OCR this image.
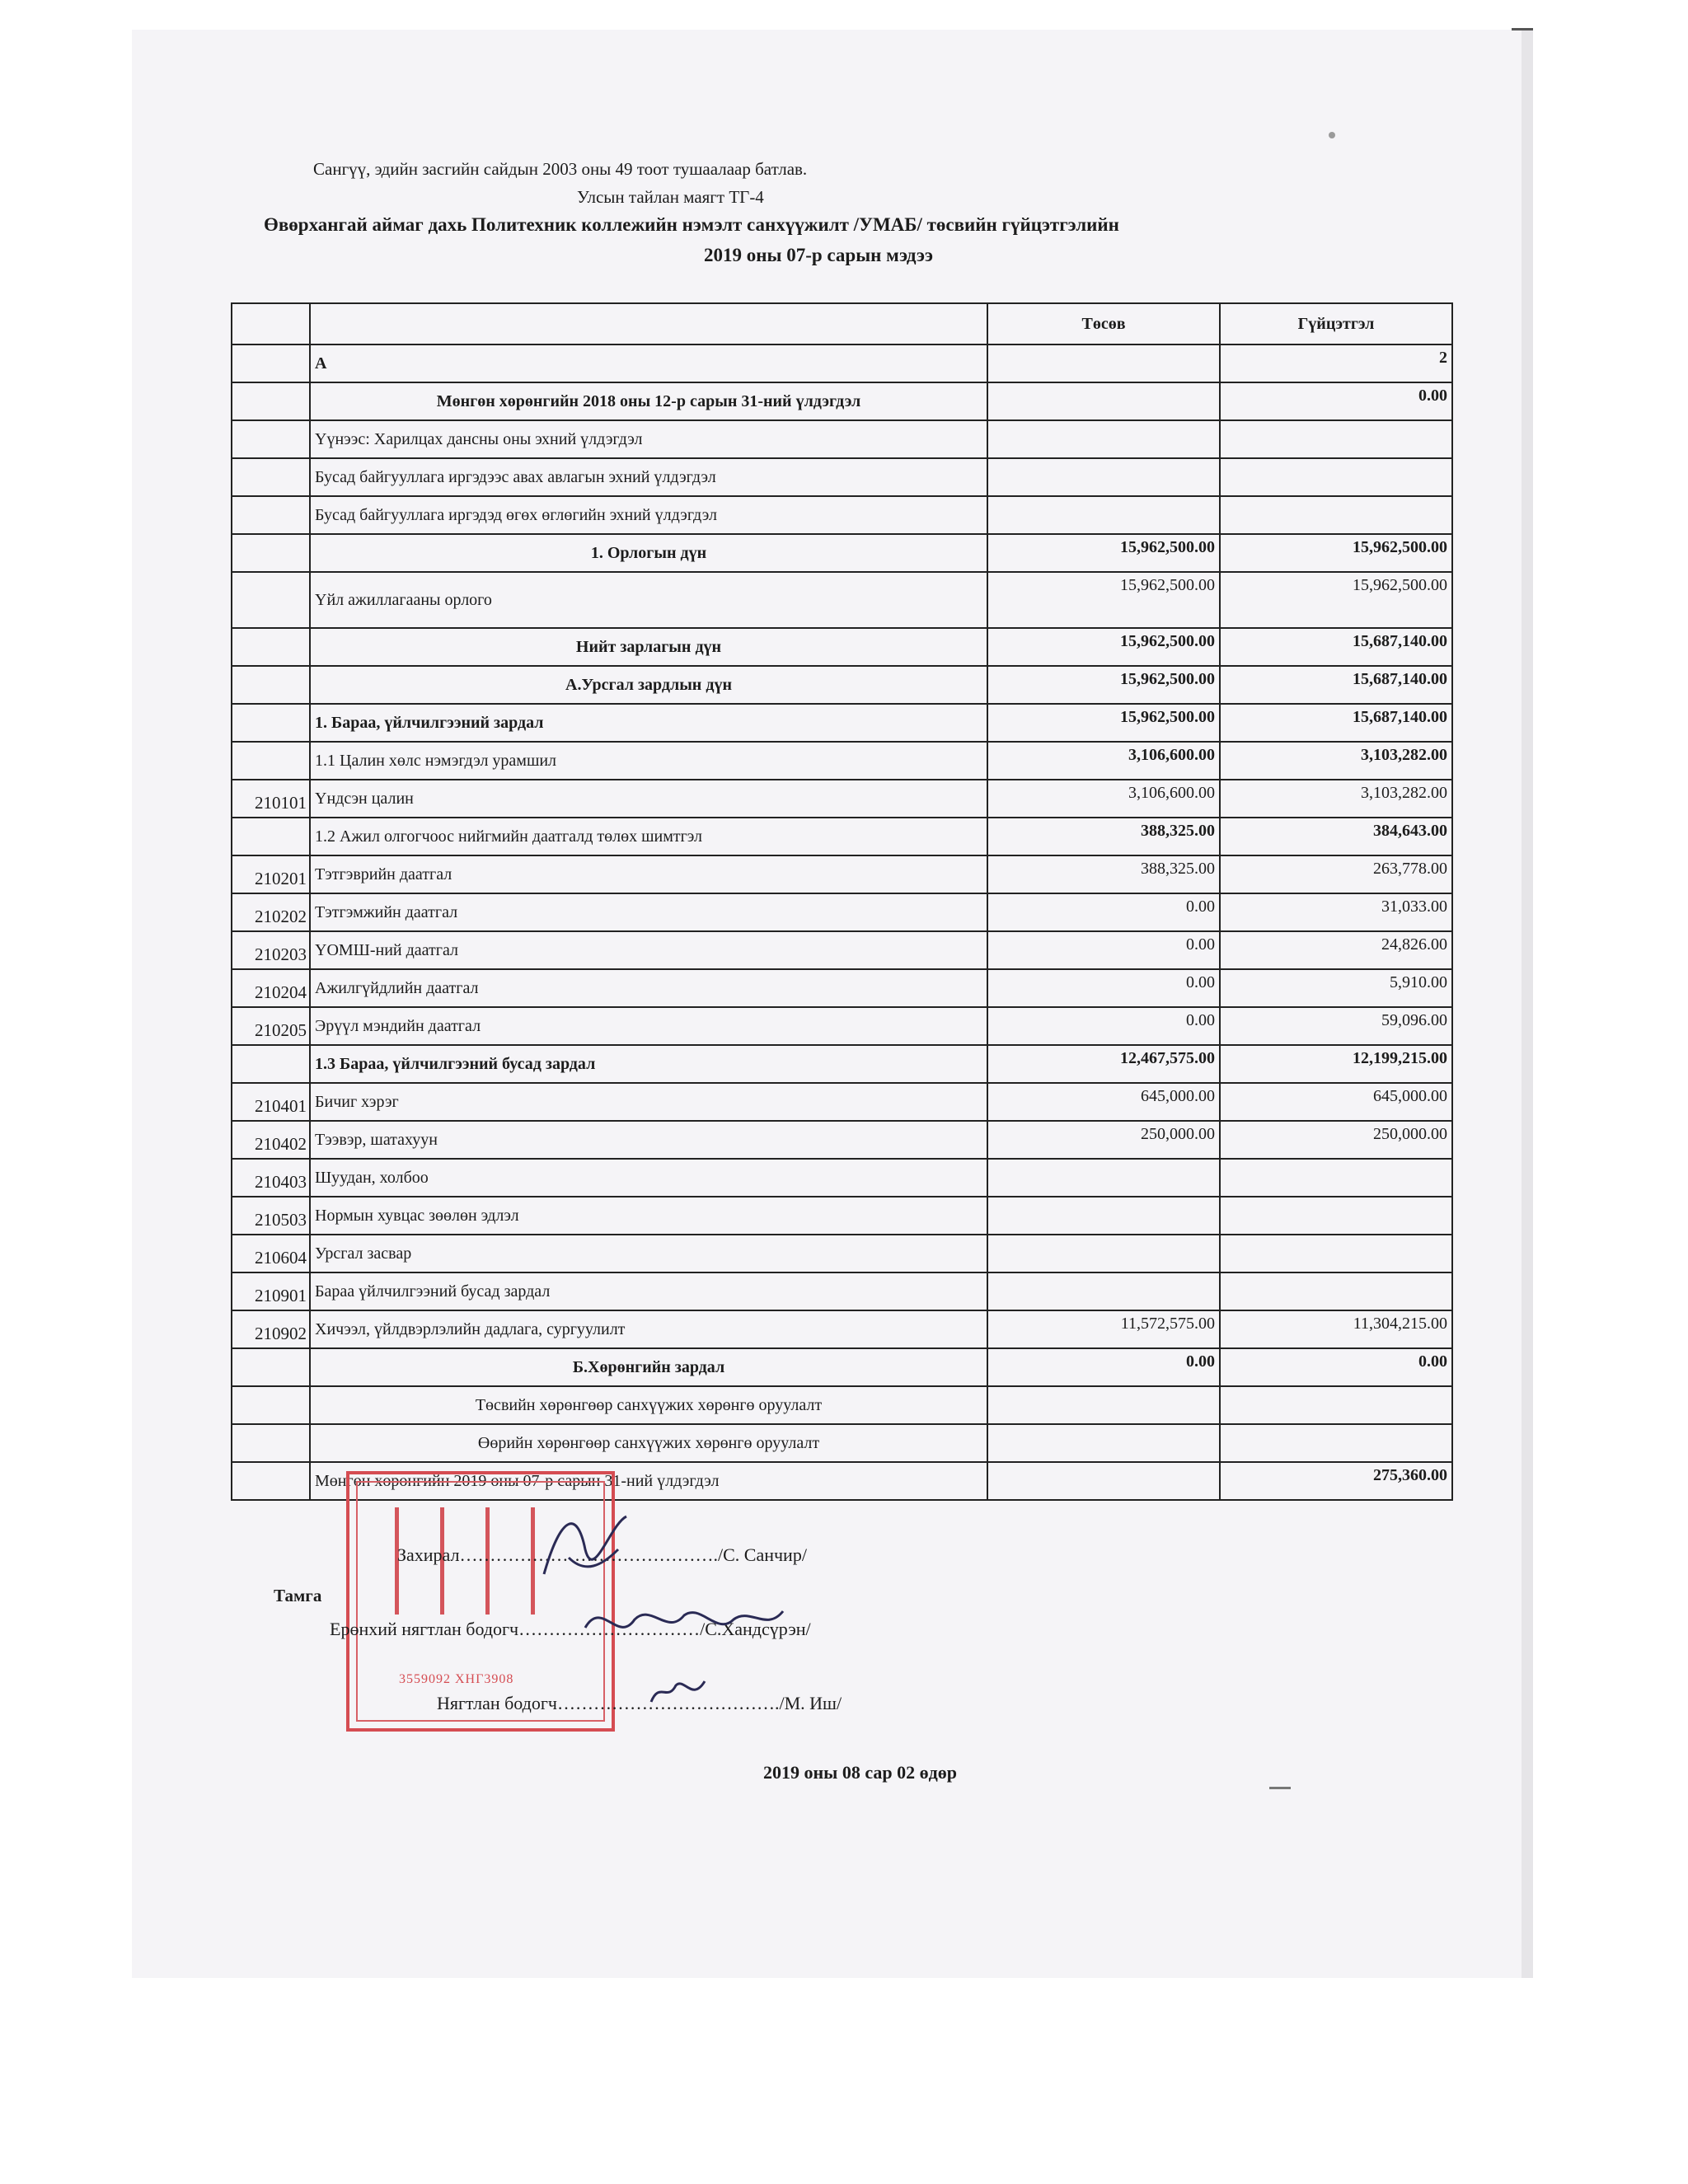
Сангүү, эдийн засгийн сайдын 2003 оны 49 тоот тушаалаар батлав.
Улсын тайлан маягт ТГ-4
Өвөрхангай аймаг дахь Политехник коллежийн нэмэлт санхүүжилт /УМАБ/ төсвийн гүйцэтгэлийн
2019 оны 07-р сарын мэдээ
		Төсөв	Гүйцэтгэл
	А		2
	Мөнгөн хөрөнгийн 2018 оны 12-р сарын 31-ний үлдэгдэл		0.00
	Үүнээс: Харилцах дансны оны эхний үлдэгдэл		
	Бусад байгууллага иргэдээс авах авлагын эхний үлдэгдэл		
	Бусад байгууллага иргэдэд өгөх өглөгийн эхний үлдэгдэл		
	1. Орлогын дүн	15,962,500.00	15,962,500.00
	Үйл ажиллагааны орлого	15,962,500.00	15,962,500.00
	Нийт зарлагын дүн	15,962,500.00	15,687,140.00
	А.Урсгал зардлын дүн	15,962,500.00	15,687,140.00
	1. Бараа, үйлчилгээний зардал	15,962,500.00	15,687,140.00
	1.1 Цалин хөлс нэмэгдэл урамшил	3,106,600.00	3,103,282.00
210101	Үндсэн цалин	3,106,600.00	3,103,282.00
	1.2 Ажил олгогчоос нийгмийн даатгалд төлөх шимтгэл	388,325.00	384,643.00
210201	Тэтгэврийн даатгал	388,325.00	263,778.00
210202	Тэтгэмжийн даатгал	0.00	31,033.00
210203	ҮОМШ-ний даатгал	0.00	24,826.00
210204	Ажилгүйдлийн даатгал	0.00	5,910.00
210205	Эрүүл мэндийн даатгал	0.00	59,096.00
	1.3 Бараа, үйлчилгээний бусад зардал	12,467,575.00	12,199,215.00
210401	Бичиг хэрэг	645,000.00	645,000.00
210402	Тээвэр, шатахуун	250,000.00	250,000.00
210403	Шуудан, холбоо		
210503	Нормын хувцас зөөлөн эдлэл		
210604	Урсгал засвар		
210901	Бараа үйлчилгээний бусад зардал		
210902	Хичээл, үйлдвэрлэлийн дадлага, сургуулилт	11,572,575.00	11,304,215.00
	Б.Хөрөнгийн зардал	0.00	0.00
	Төсвийн хөрөнгөөр санхүүжих хөрөнгө оруулалт		
	Өөрийн хөрөнгөөр санхүүжих хөрөнгө оруулалт		
	Мөнгөн хөрөнгийн 2019 оны 07-р сарын 31-ний үлдэгдэл		275,360.00
3559092 ХНГ3908
Тамга
Захирал……………………………………./С. Санчир/
Ерөнхий нягтлан бодогч…………………………/С.Хандсүрэн/
Нягтлан бодогч………………………………./М. Иш/
2019 оны 08 сар 02 өдөр
